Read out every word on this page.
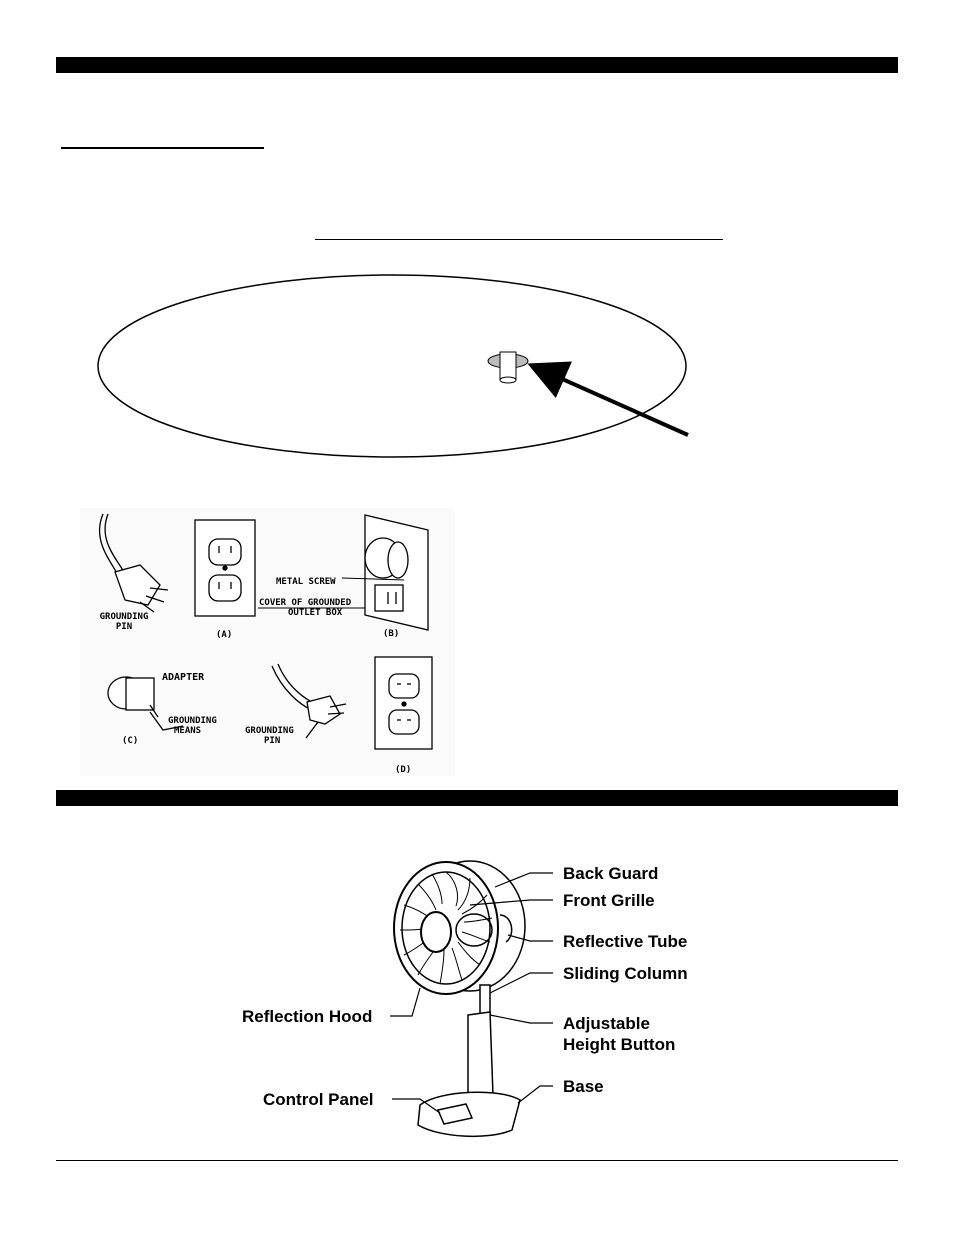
GROUNDING PIN
(A)
METAL SCREW
COVER OF GROUNDED
OUTLET BOX
(B)
ADAPTER
GROUNDING
MEANS
(C)
GROUNDING
PIN
(D)
Back Guard
Front Grille
Reflective Tube
Sliding Column
Adjustable
Height Button
Base
Reflection Hood
Control Panel
